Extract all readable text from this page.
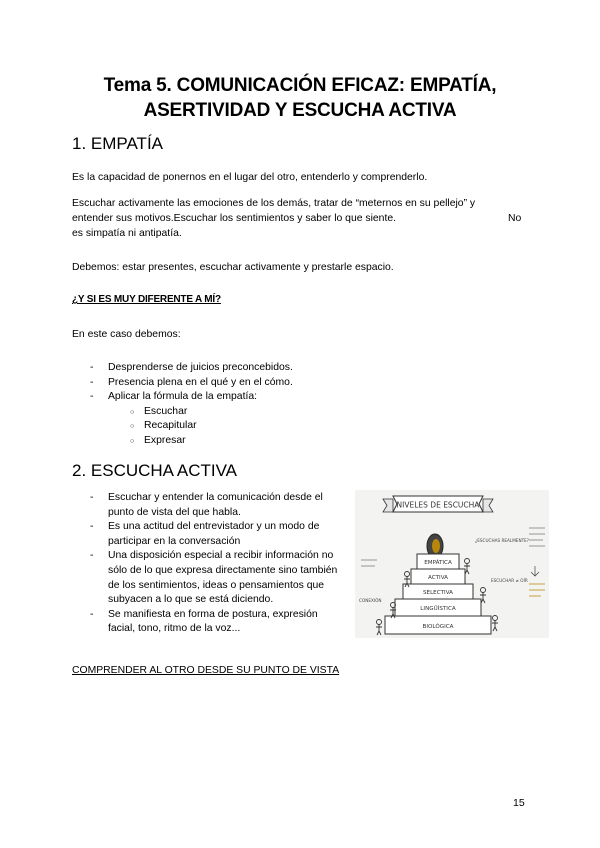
Tema 5. COMUNICACIÓN EFICAZ: EMPATÍA,
ASERTIVIDAD Y ESCUCHA ACTIVA
1. EMPATÍA
Es la capacidad de ponernos en el lugar del otro, entenderlo y comprenderlo.
Escuchar activamente las emociones de los demás, tratar de “meternos en su pellejo” y
entender sus motivos.Escuchar los sentimientos y saber lo que siente.	No
es simpatía ni antipatía.
Debemos: estar presentes, escuchar activamente y prestarle espacio.
¿Y SI ES MUY DIFERENTE A MÍ?
En este caso debemos:
- Desprenderse de juicios preconcebidos.
- Presencia plena en el qué y en el cómo.
- Aplicar la fórmula de la empatía:
○ Escuchar
○ Recapitular
○ Expresar
2. ESCUCHA ACTIVA
- Escuchar y entender la comunicación desde el punto de vista del que habla.
- Es una actitud del entrevistador y un modo de participar en la conversación
- Una disposición especial a recibir información no sólo de lo que expresa directamente sino también de los sentimientos, ideas o pensamientos que subyacen a lo que se está diciendo.
- Se manifiesta en forma de postura, expresión facial, tono, ritmo de la voz...
NIVELES DE ESCUCHA
EMPÁTICA
ACTIVA
SELECTIVA
LINGÜÍSTICA
BIOLÓGICA
¿ESCUCHAS REALMENTE?
ESCUCHAR ≠ OÍR
CONEXIÓN
COMPRENDER AL OTRO DESDE SU PUNTO DE VISTA
15
